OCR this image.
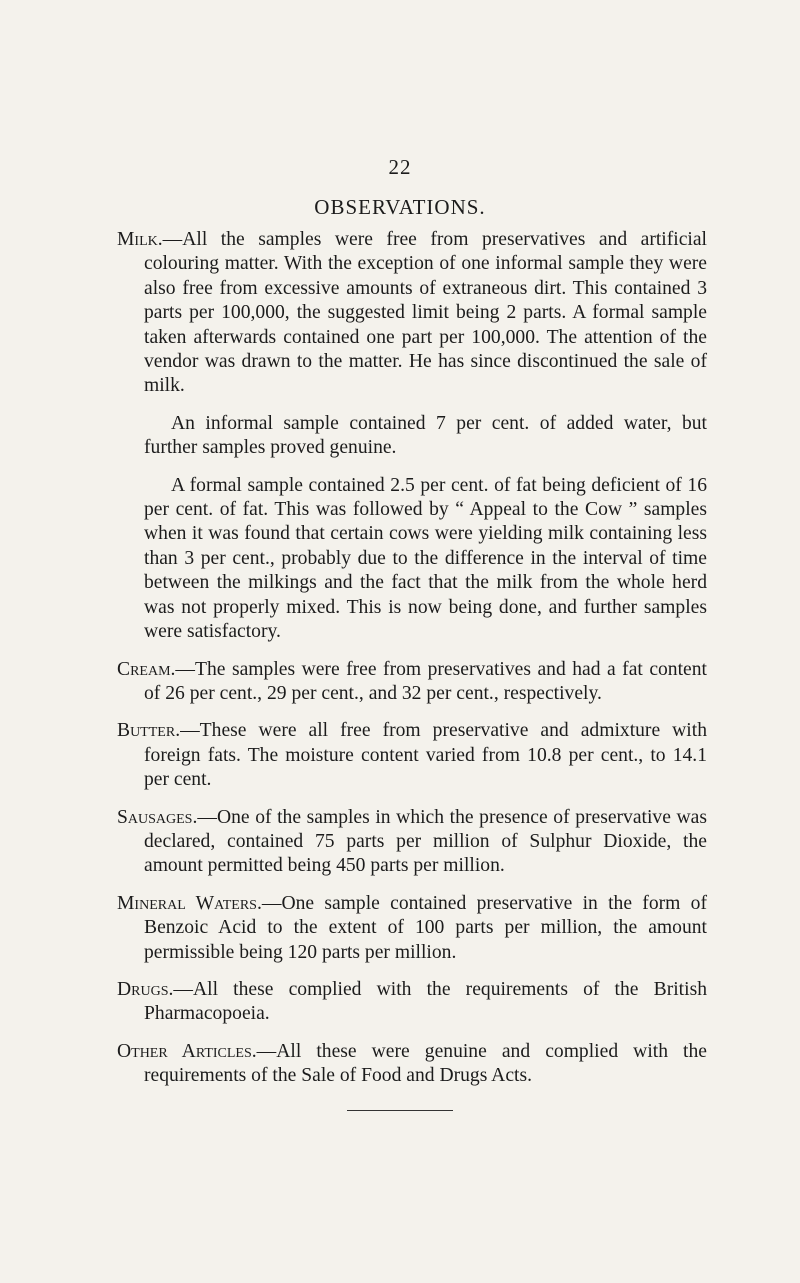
22
OBSERVATIONS.

Milk.—All the samples were free from preservatives and artificial colouring matter. With the exception of one informal sample they were also free from excessive amounts of extraneous dirt. This contained 3 parts per 100,000, the suggested limit being 2 parts. A formal sample taken afterwards contained one part per 100,000. The attention of the vendor was drawn to the matter. He has since discontinued the sale of milk.

An informal sample contained 7 per cent. of added water, but further samples proved genuine.

A formal sample contained 2.5 per cent. of fat being deficient of 16 per cent. of fat. This was followed by “ Appeal to the Cow ” samples when it was found that certain cows were yielding milk containing less than 3 per cent., probably due to the difference in the interval of time between the milkings and the fact that the milk from the whole herd was not properly mixed. This is now being done, and further samples were satisfactory.

Cream.—The samples were free from preservatives and had a fat content of 26 per cent., 29 per cent., and 32 per cent., respectively.

Butter.—These were all free from preservative and admixture with foreign fats. The moisture content varied from 10.8 per cent., to 14.1 per cent.

Sausages.—One of the samples in which the presence of preservative was declared, contained 75 parts per million of Sulphur Dioxide, the amount permitted being 450 parts per million.

Mineral Waters.—One sample contained preservative in the form of Benzoic Acid to the extent of 100 parts per million, the amount permissible being 120 parts per million.

Drugs.—All these complied with the requirements of the British Pharmacopoeia.

Other Articles.—All these were genuine and complied with the requirements of the Sale of Food and Drugs Acts.
